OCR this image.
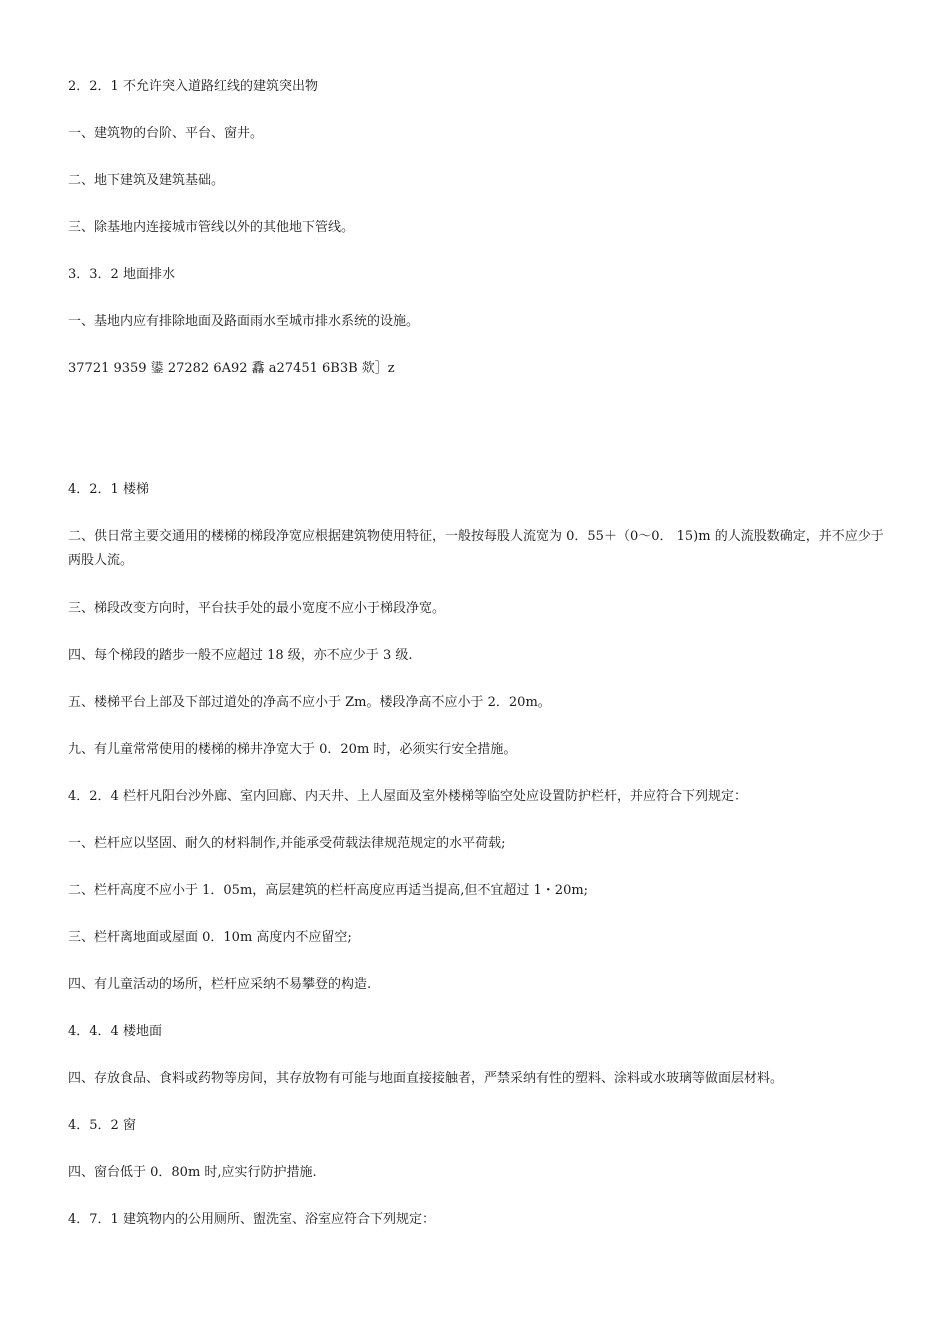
2．2．1 不允许突入道路红线的建筑突出物
一、建筑物的台阶、平台、窗井。
二、地下建筑及建筑基础。
三、除基地内连接城市管线以外的其他地下管线。
3．3．2 地面排水
一、基地内应有排除地面及路面雨水至城市排水系统的设施。
37721 9359 鍙 27282 6A92 馫 a27451 6B3B 欻］z
4．2．1 楼梯
二、供日常主要交通用的楼梯的梯段净宽应根据建筑物使用特征，一般按每股人流宽为 0．55＋（0～0． 15)m 的人流股数确定，并不应少于两股人流。
三、梯段改变方向时，平台扶手处的最小宽度不应小于梯段净宽。
四、每个梯段的踏步一般不应超过 18 级，亦不应少于 3 级.
五、楼梯平台上部及下部过道处的净高不应小于 Zm。楼段净高不应小于 2．20m。
九、有儿童常常使用的楼梯的梯井净宽大于 0．20m 时，必须实行安全措施。
4．2．4 栏杆凡阳台沙外廊、室内回廊、内天井、上人屋面及室外楼梯等临空处应设置防护栏杆，并应符合下列规定：
一、栏杆应以坚固、耐久的材料制作,并能承受荷载法律规范规定的水平荷载;
二、栏杆高度不应小于 1．05m，高层建筑的栏杆高度应再适当提高,但不宜超过 1・20m;
三、栏杆离地面或屋面 0．10m 高度内不应留空;
四、有儿童活动的场所，栏杆应采纳不易攀登的构造.
4．4．4 楼地面
四、存放食品、食料或药物等房间，其存放物有可能与地面直接接触者，严禁采纳有性的塑料、涂料或水玻璃等做面层材料。
4．5．2 窗
四、窗台低于 0．80m 时,应实行防护措施.
4．7．1 建筑物内的公用厕所、盥洗室、浴室应符合下列规定：
